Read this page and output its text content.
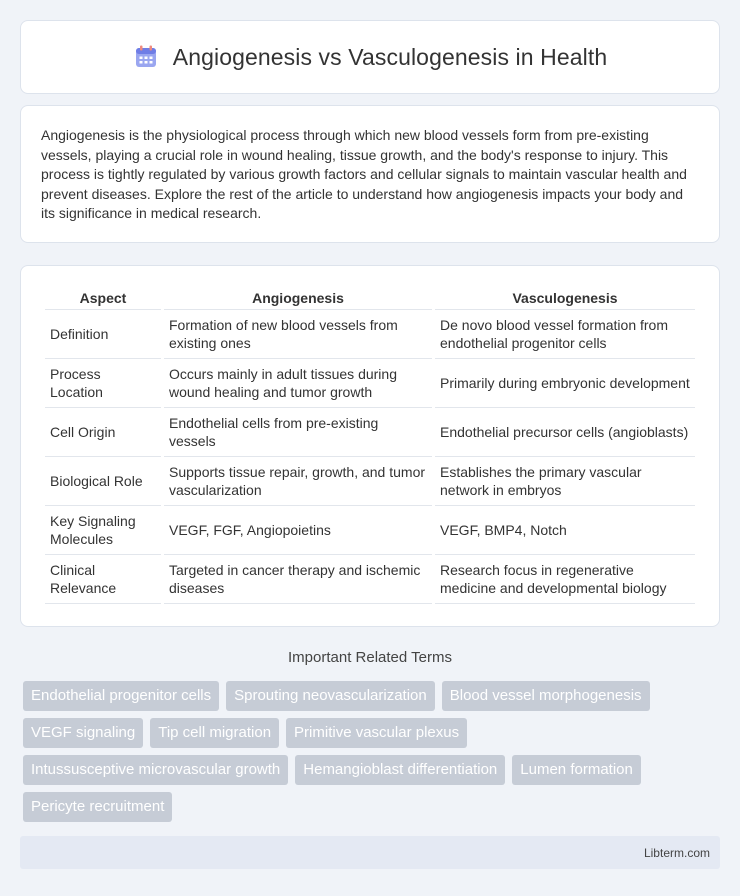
Angiogenesis vs Vasculogenesis in Health

Angiogenesis is the physiological process through which new blood vessels form from pre-existing vessels, playing a crucial role in wound healing, tissue growth, and the body's response to injury. This process is tightly regulated by various growth factors and cellular signals to maintain vascular health and prevent diseases. Explore the rest of the article to understand how angiogenesis impacts your body and its significance in medical research.

Aspect	Angiogenesis	Vasculogenesis
Definition	Formation of new blood vessels from existing ones	De novo blood vessel formation from endothelial progenitor cells
Process Location	Occurs mainly in adult tissues during wound healing and tumor growth	Primarily during embryonic development
Cell Origin	Endothelial cells from pre-existing vessels	Endothelial precursor cells (angioblasts)
Biological Role	Supports tissue repair, growth, and tumor vascularization	Establishes the primary vascular network in embryos
Key Signaling Molecules	VEGF, FGF, Angiopoietins	VEGF, BMP4, Notch
Clinical Relevance	Targeted in cancer therapy and ischemic diseases	Research focus in regenerative medicine and developmental biology
Important Related Terms
Endothelial progenitor cells	Sprouting neovascularization	Blood vessel morphogenesis
VEGF signaling	Tip cell migration	Primitive vascular plexus
Intussusceptive microvascular growth	Hemangioblast differentiation	Lumen formation
Pericyte recruitment
Libterm.com
